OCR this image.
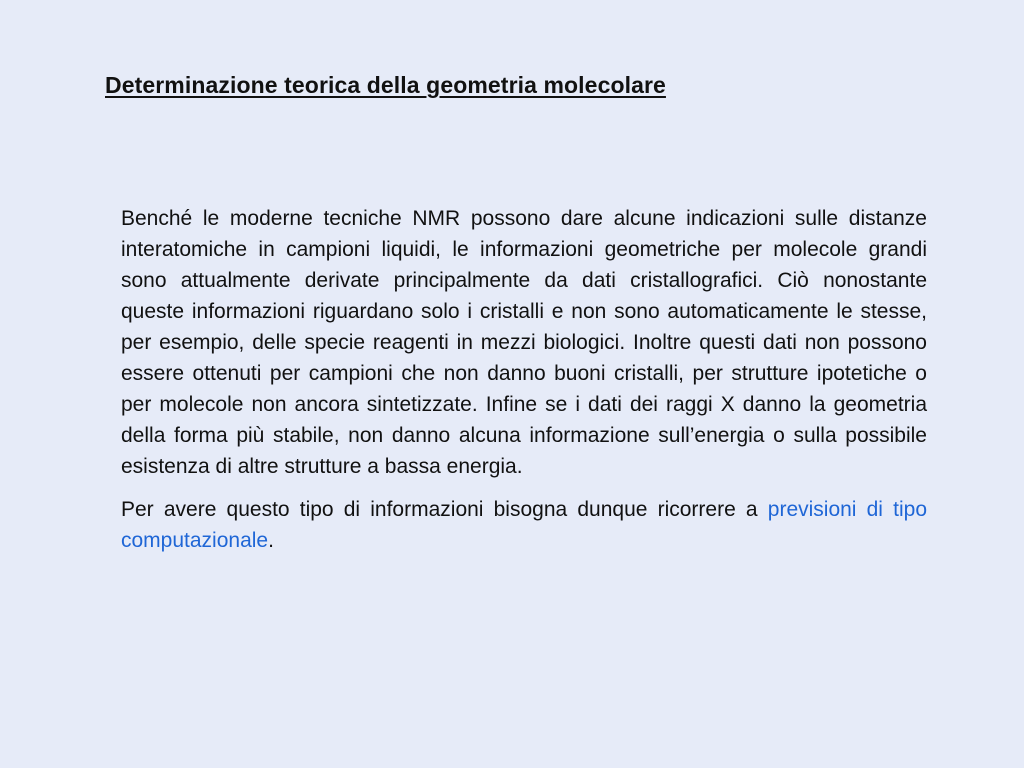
Determinazione teorica della geometria molecolare

Benché le moderne tecniche NMR possono dare alcune indicazioni sulle distanze interatomiche in campioni liquidi, le informazioni geometriche per molecole grandi sono attualmente derivate principalmente da dati cristallografici. Ciò nonostante queste informazioni riguardano solo i cristalli e non sono automaticamente le stesse, per esempio, delle specie reagenti in mezzi biologici. Inoltre questi dati non possono essere ottenuti per campioni che non danno buoni cristalli, per strutture ipotetiche o per molecole non ancora sintetizzate. Infine se i dati dei raggi X danno la geometria della forma più stabile, non danno alcuna informazione sull’energia o sulla possibile esistenza di altre strutture a bassa energia.

Per avere questo tipo di informazioni bisogna dunque ricorrere a previsioni di tipo computazionale.
